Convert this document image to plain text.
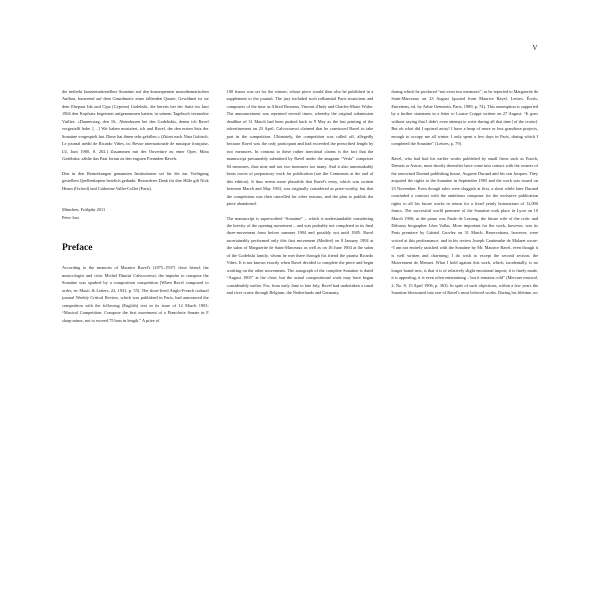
V

die indirekt konzentrationellere Sonatine auf den konsequenten monothematischen Aufbau, basierend auf dem Grundmotiv einer fallenden Quarte, Gewidmet ist sie dem Ehepaar Ida und Cipa (Cyprien) Godebski, die bereits bei der Suite im Juni 1904 den Kopfsatz begeistert aufgenommen hatten; in seinem Tagebuch vermerkte Vuilles: »Donnerstag, den 16., Abendessen bei den Godebskis, denen ich Ravel vorgestellt habe. […] Wir haben musiziert, ich und Ravel, der den ersten Satz der Sonatine vorgespielt hat. Diese hat ihnen sehr gefallen.« (Zitiert nach Nina Gubisch, Le journal inédit de Ricardo Viñes, in: Revue internationale de musique française, I/2, Juni 1980, S. 202.) Zusammen mit der Ouvertüre zu einer Oper, Mina Godebska, zählte das Paar fortan zu den engsten Freunden Ravels.

Den in den Bemerkungen genannten Institutionen sei für die zur Verfügung gestellten Quellenkopien herzlich gedankt. Besonderer Dank für ihre Hilfe gilt Nick Hearn (Oxford) und Catherine Vallet-Collot (Paris).

München, Frühjahr 2011

Peter Jost

Preface

According to the memoirs of Maurice Ravel's (1875–1937) close friend, the musicologist and critic Michel Dimitri Calvocoressi, the impulse to compose the Sonatine was sparked by a composition competition (When Ravel composed to order, in: Music & Letters, 22, 1941, p. 55). The short-lived Anglo-French cultural journal Weekly Critical Review, which was published in Paris, had announced the competition with the following (English) text in its issue of 12 March 1903: “Musical Competition. Compose the first movement of a Pianoforte Sonate in F sharp minor, not to exceed 75 bars in length.” A prize of

100 francs was set for the winner, whose piece would then also be published in a supplement to the journal. The jury included such influential Paris musicians and composers of the time as Alfred Bruneau, Vincent d'Indy and Charles-Marie Widor. The announcement was reprinted several times, whereby the original submission deadline of 31 March had been pushed back to 9 May as the last printing of the advertisement on 23 April. Calvocoressi claimed that he convinced Ravel to take part in the competition. Ultimately, the competition was called off, allegedly because Ravel was the only participant and had exceeded the prescribed length by two measures. In contrast to these rather anecdotal claims is the fact that the manuscript presumably submitted by Ravel under the anagram “Verla” comprises 84 measures, thus nine and not two measures too many. And it also unmistakably bears traces of preparatory work for publication (see the Comments at the end of this edition). It thus seems more plausible that Ravel's entry, which was written between March and May 1903, was originally considered as prize-worthy, but that the competition was then cancelled for other reasons, and the plan to publish the piece abandoned.

The manuscript is superscribed “Sonatine” – which is understandable considering the brevity of the opening movement – and was probably not completed in its final three-movement form before summer 1904 and possibly not until 1905. Ravel ascertainably performed only this first movement (Modéré) on 8 January 1904 at the salon of Marguerite de Saint-Marceaux as well as on 16 June 1904 at the salon of the Godebski family, whom he met there through his friend the pianist Ricardo Viñes. It is not known exactly when Ravel decided to complete the piece and begin working on the other movements. The autograph of the complete Sonatine is dated “August 1905” at the close, but the actual compositional work may have begun considerably earlier. For, from early June to late July, Ravel had undertaken a canal and river cruise through Belgium, the Netherlands and Germany,

during which he produced “not even two measures”, as he reported to Marguerite de Saint-Marceaux on 23 August (quoted from Maurice Ravel, Lettres, Écrits, Entretiens, ed. by Arbie Orenstein, Paris, 1989, p. 74). This assumption is supported by a further statement in a letter to Louise Cruppi written on 27 August: “It goes without saying that I didn't even attempt to write during all that time [of the cruise]. But oh what did I squirrel away! I have a heap of more or less grandiose projects, enough to occupy me all winter. I only spent a few days in Paris, during which I completed the Sonatine” (Lettres, p. 79).

Ravel, who had had his earlier works published by small firms such as Enoch, Demets or Astruc, must shortly thereafter have come into contact with the owners of the renowned Durand publishing house, Auguste Durand and his son Jacques. They acquired the rights to the Sonatine in September 1905 and the work was issued on 23 November. Even though sales were sluggish at first, a short while later Durand concluded a contract with the ambitious composer for the exclusive publication rights to all his future works in return for a fixed yearly honorarium of 12,000 francs. The successful world premiere of the Sonatine took place in Lyon on 10 March 1906; at the piano was Paule de Lestang, the future wife of the critic and Debussy biographer Léon Vallas. More important for the work, however, was its Paris premiere by Gabriel Grovlez on 31 March. Reservations, however, were voiced at this performance, and in his review Joseph Caniteaube de Malaret wrote: “I am not entirely satisfied with the Sonatine by Mr. Maurice Ravel, even though it is well written and charming; I do wish to except the second section, the Mouvement de Menuet. What I hold against this work, which, incidentally, is no longer brand new, is that it is of relatively slight emotional import; it is finely made, it is appealing, it is even often entertaining – but it remains cold” (Mercure musical, 2, No. 8, 15 April 1906, p. 363). In spite of such objections, within a few years the Sonatine blossomed into one of Ravel's most beloved works. During his lifetime, no
